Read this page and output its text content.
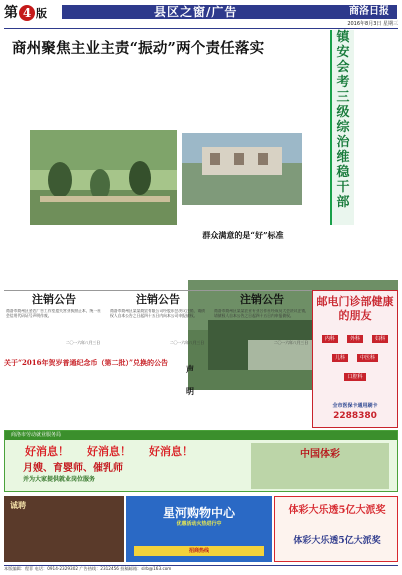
第 4 版	县区之窗/广告	商洛日报
2016年8月3日 星期三
商州聚焦主业主责“振动”两个责任落实
群众满意的是“好”标准
镇安会考三级综治维稳干部
注销公告
商洛市商州区金农广告工作室遗失营业执照正本，统一社会信用代码证号声明作废。
二〇一六年八月三日
注销公告
商洛市商州区某某商贸有限公司经股东会决议注销，请债权人自本公告之日起四十五日内向本公司申报债权。
二〇一六年八月三日
注销公告
商洛市商州区某某农业专业合作社经成员大会决议注销，请债权人自本公告之日起四十五日内申报债权。
二〇一六年八月三日
邮电门诊部健康的朋友
内科	外科	妇科 儿科	中医科 口腔科
全市医保卡通用刷卡
2288380
关于“2016年贺岁普通纪念币（第二批）”兑换的公告
声明
商洛市劳动就业服务局
好消息！ 好消息！ 好消息！
月嫂、育婴师、催乳师
并为大家提供就业岗位服务
中国体彩
诚聘
星河购物中心
优惠活动火热进行中
招商热线
体彩大乐透5亿大派奖
体彩大乐透5亿大派奖
本版编辑：程菲 电话：0914-2329302 广告热线：2312456 投稿邮箱：slrb@163.com
